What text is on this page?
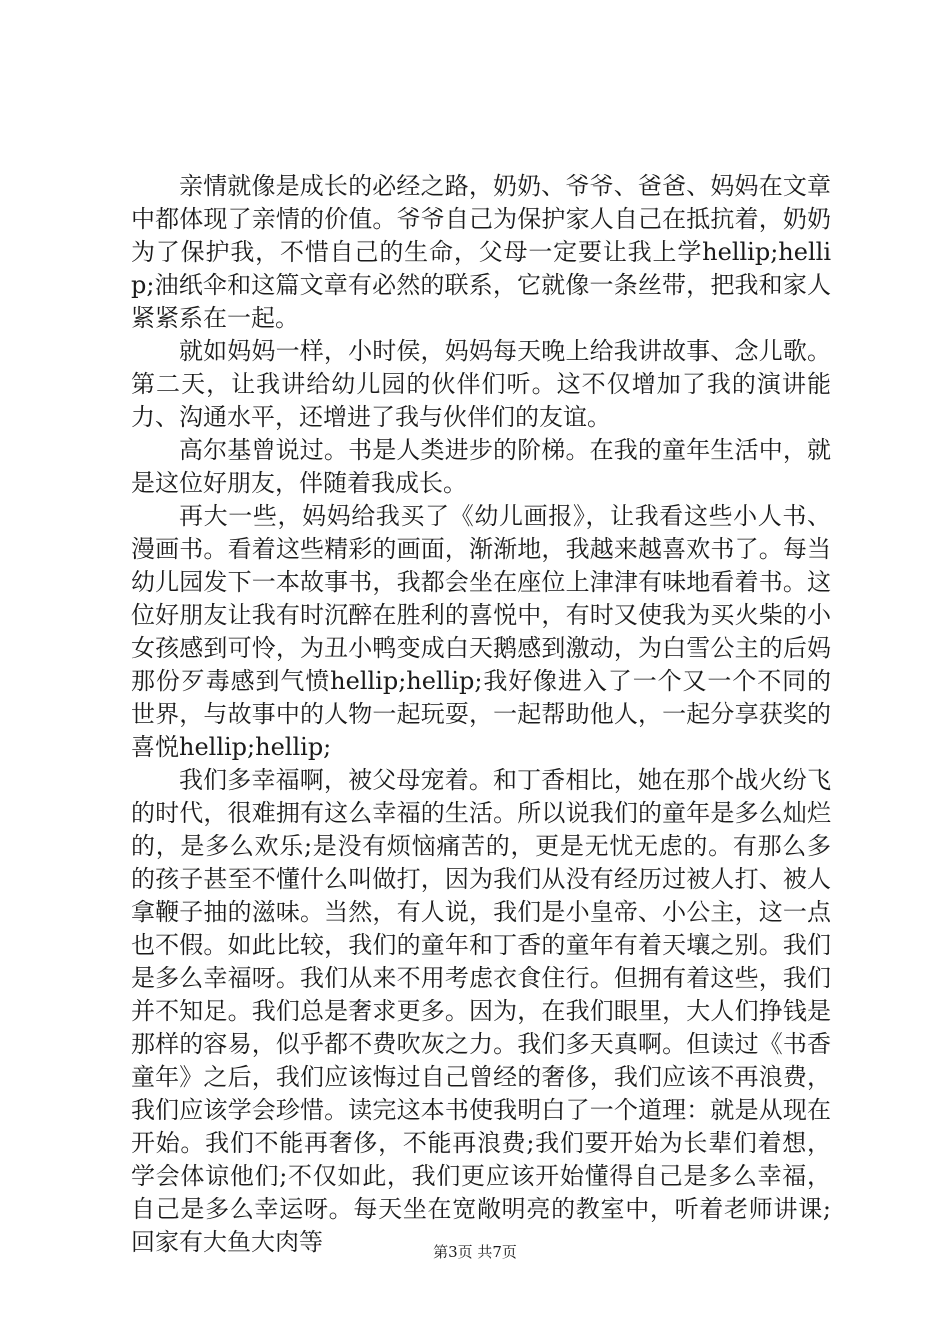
亲情就像是成长的必经之路，奶奶、爷爷、爸爸、妈妈在文章中都体现了亲情的价值。爷爷自己为保护家人自己在抵抗着，奶奶为了保护我，不惜自己的生命，父母一定要让我上学hellip;hellip;油纸伞和这篇文章有必然的联系，它就像一条丝带，把我和家人紧紧系在一起。

就如妈妈一样，小时侯，妈妈每天晚上给我讲故事、念儿歌。第二天，让我讲给幼儿园的伙伴们听。这不仅增加了我的演讲能力、沟通水平，还增进了我与伙伴们的友谊。

高尔基曾说过。书是人类进步的阶梯。在我的童年生活中，就是这位好朋友，伴随着我成长。

再大一些，妈妈给我买了《幼儿画报》，让我看这些小人书、漫画书。看着这些精彩的画面，渐渐地，我越来越喜欢书了。每当幼儿园发下一本故事书，我都会坐在座位上津津有味地看着书。这位好朋友让我有时沉醉在胜利的喜悦中，有时又使我为买火柴的小女孩感到可怜，为丑小鸭变成白天鹅感到激动，为白雪公主的后妈那份歹毒感到气愤hellip;hellip;我好像进入了一个又一个不同的世界，与故事中的人物一起玩耍，一起帮助他人，一起分享获奖的喜悦hellip;hellip;

我们多幸福啊，被父母宠着。和丁香相比，她在那个战火纷飞的时代，很难拥有这么幸福的生活。所以说我们的童年是多么灿烂的，是多么欢乐;是没有烦恼痛苦的，更是无忧无虑的。有那么多的孩子甚至不懂什么叫做打，因为我们从没有经历过被人打、被人拿鞭子抽的滋味。当然，有人说，我们是小皇帝、小公主，这一点也不假。如此比较，我们的童年和丁香的童年有着天壤之别。我们是多么幸福呀。我们从来不用考虑衣食住行。但拥有着这些，我们并不知足。我们总是奢求更多。因为，在我们眼里，大人们挣钱是那样的容易，似乎都不费吹灰之力。我们多天真啊。但读过《书香童年》之后，我们应该悔过自己曾经的奢侈，我们应该不再浪费，我们应该学会珍惜。读完这本书使我明白了一个道理：就是从现在开始。我们不能再奢侈，不能再浪费;我们要开始为长辈们着想，学会体谅他们;不仅如此，我们更应该开始懂得自己是多么幸福，自己是多么幸运呀。每天坐在宽敞明亮的教室中，听着老师讲课;回家有大鱼大肉等	第3页 共7页
